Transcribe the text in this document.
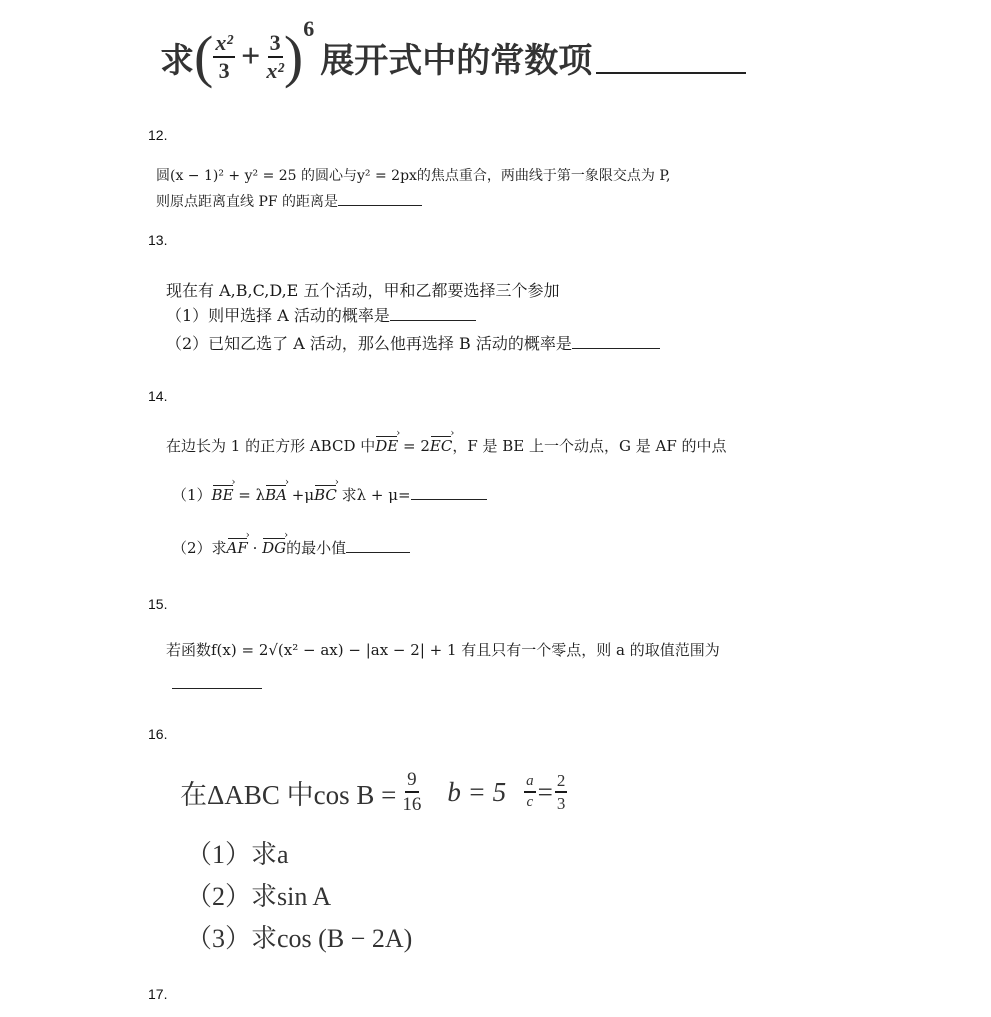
求 ( $\frac{\text{x²}}{3} + \frac{3}{\text{x²}}$ ) 6
展开式中的常数项
12.
圆(x − 1)² + y² = 25 的圆心与y² = 2px的焦点重合，两曲线于第一象限交点为 P,
则原点距离直线 PF 的距离是
13.
现在有 A,B,C,D,E 五个活动，甲和乙都要选择三个参加
（1）则甲选择 A 活动的概率是
（2）已知乙选了 A 活动，那么他再选择 B 活动的概率是
14.
在边长为 1 的正方形 ABCD 中DE › = 2EC ›，F 是 BE 上一个动点，G 是 AF 的中点
（1）BE › = λBA › +μBC › 求λ + μ=
（2）求AF › · DG ›的最小值
15.
若函数f(x) = 2√(x² − ax) − |ax − 2| + 1 有且只有一个零点，则 a 的取值范围为
16.
在ΔABC 中$\cos B = \frac{9}{16}$ $b = 5 \frac{a}{c} = \frac{2}{3}$
（1）求a
（2）求sin A
（3）求cos (B − 2A)
17.
